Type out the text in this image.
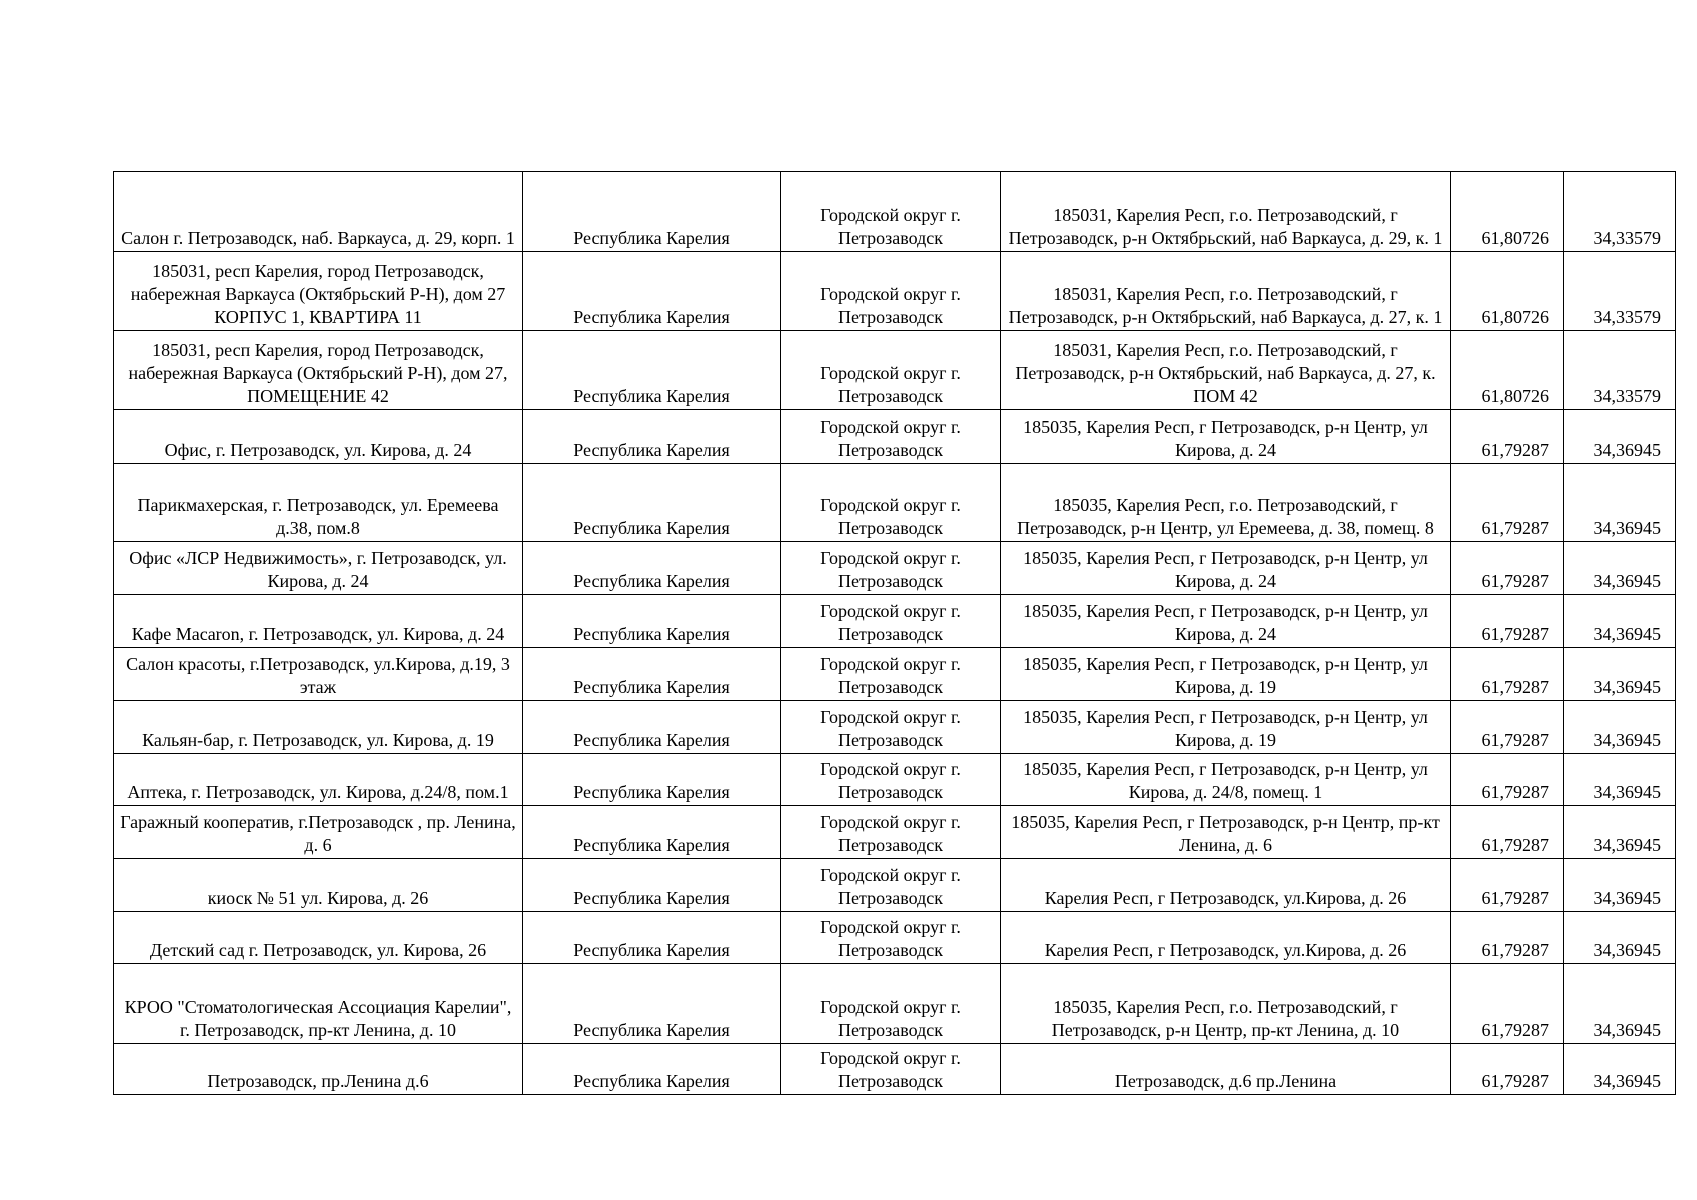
Салон г. Петрозаводск, наб. Варкауса, д. 29, корп. 1	Республика Карелия	Городской округ г. Петрозаводск	185031, Карелия Респ, г.о. Петрозаводский, г Петрозаводск, р-н Октябрьский, наб Варкауса, д. 29, к. 1	61,80726	34,33579
185031, респ Карелия, город Петрозаводск, набережная Варкауса (Октябрьский Р-Н), дом 27 КОРПУС 1, КВАРТИРА 11	Республика Карелия	Городской округ г. Петрозаводск	185031, Карелия Респ, г.о. Петрозаводский, г Петрозаводск, р-н Октябрьский, наб Варкауса, д. 27, к. 1	61,80726	34,33579
185031, респ Карелия, город Петрозаводск, набережная Варкауса (Октябрьский Р-Н), дом 27, ПОМЕЩЕНИЕ 42	Республика Карелия	Городской округ г. Петрозаводск	185031, Карелия Респ, г.о. Петрозаводский, г Петрозаводск, р-н Октябрьский, наб Варкауса, д. 27, к. ПОМ 42	61,80726	34,33579
Офис, г. Петрозаводск, ул. Кирова, д. 24	Республика Карелия	Городской округ г. Петрозаводск	185035, Карелия Респ, г Петрозаводск, р-н Центр, ул Кирова, д. 24	61,79287	34,36945
Парикмахерская, г. Петрозаводск, ул. Еремеева д.38, пом.8	Республика Карелия	Городской округ г. Петрозаводск	185035, Карелия Респ, г.о. Петрозаводский, г Петрозаводск, р-н Центр, ул Еремеева, д. 38, помещ. 8	61,79287	34,36945
Офис «ЛСР Недвижимость», г. Петрозаводск, ул. Кирова, д. 24	Республика Карелия	Городской округ г. Петрозаводск	185035, Карелия Респ, г Петрозаводск, р-н Центр, ул Кирова, д. 24	61,79287	34,36945
Кафе Macaron, г. Петрозаводск, ул. Кирова, д. 24	Республика Карелия	Городской округ г. Петрозаводск	185035, Карелия Респ, г Петрозаводск, р-н Центр, ул Кирова, д. 24	61,79287	34,36945
Салон красоты, г.Петрозаводск, ул.Кирова, д.19, 3 этаж	Республика Карелия	Городской округ г. Петрозаводск	185035, Карелия Респ, г Петрозаводск, р-н Центр, ул Кирова, д. 19	61,79287	34,36945
Кальян-бар, г. Петрозаводск, ул. Кирова, д. 19	Республика Карелия	Городской округ г. Петрозаводск	185035, Карелия Респ, г Петрозаводск, р-н Центр, ул Кирова, д. 19	61,79287	34,36945
Аптека, г. Петрозаводск, ул. Кирова, д.24/8, пом.1	Республика Карелия	Городской округ г. Петрозаводск	185035, Карелия Респ, г Петрозаводск, р-н Центр, ул Кирова, д. 24/8, помещ. 1	61,79287	34,36945
Гаражный кооператив, г.Петрозаводск , пр. Ленина, д. 6	Республика Карелия	Городской округ г. Петрозаводск	185035, Карелия Респ, г Петрозаводск, р-н Центр, пр-кт Ленина, д. 6	61,79287	34,36945
киоск № 51 ул. Кирова, д. 26	Республика Карелия	Городской округ г. Петрозаводск	Карелия Респ, г Петрозаводск, ул.Кирова, д. 26	61,79287	34,36945
Детский сад г. Петрозаводск, ул. Кирова, 26	Республика Карелия	Городской округ г. Петрозаводск	Карелия Респ, г Петрозаводск, ул.Кирова, д. 26	61,79287	34,36945
КРОО "Стоматологическая Ассоциация Карелии", г. Петрозаводск, пр-кт Ленина, д. 10	Республика Карелия	Городской округ г. Петрозаводск	185035, Карелия Респ, г.о. Петрозаводский, г Петрозаводск, р-н Центр, пр-кт Ленина, д. 10	61,79287	34,36945
Петрозаводск, пр.Ленина д.6	Республика Карелия	Городской округ г. Петрозаводск	Петрозаводск, д.6 пр.Ленина	61,79287	34,36945
